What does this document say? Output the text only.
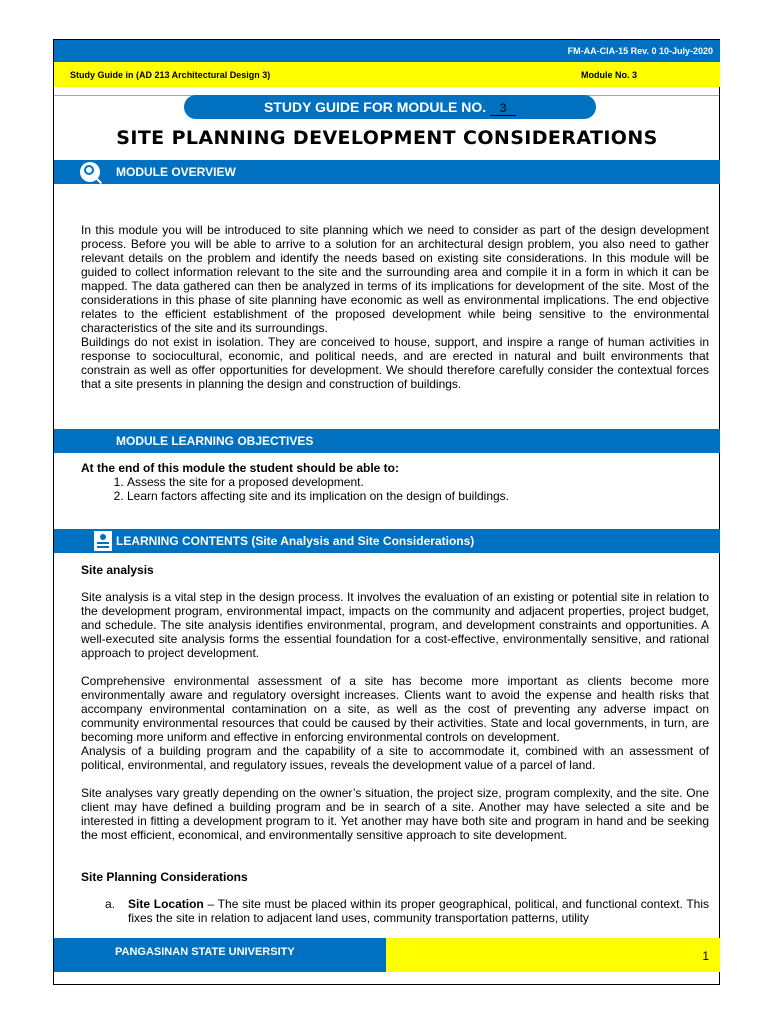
FM-AA-CIA-15 Rev. 0 10-July-2020
Study Guide in (AD 213 Architectural Design 3)	Module No. 3
STUDY GUIDE FOR MODULE NO. 3
SITE PLANNING DEVELOPMENT CONSIDERATIONS
MODULE OVERVIEW

In this module you will be introduced to site planning which we need to consider as part of the design development process. Before you will be able to arrive to a solution for an architectural design problem, you also need to gather relevant details on the problem and identify the needs based on existing site considerations. In this module will be guided to collect information relevant to the site and the surrounding area and compile it in a form in which it can be mapped. The data gathered can then be analyzed in terms of its implications for development of the site. Most of the considerations in this phase of site planning have economic as well as environmental implications. The end objective relates to the efficient establishment of the proposed development while being sensitive to the environmental characteristics of the site and its surroundings.

Buildings do not exist in isolation. They are conceived to house, support, and inspire a range of human activities in response to sociocultural, economic, and political needs, and are erected in natural and built environments that constrain as well as offer opportunities for development. We should therefore carefully consider the contextual forces that a site presents in planning the design and construction of buildings.

MODULE LEARNING OBJECTIVES
At the end of this module the student should be able to:
1. Assess the site for a proposed development.
2. Learn factors affecting site and its implication on the design of buildings.
LEARNING CONTENTS (Site Analysis and Site Considerations)
Site analysis

Site analysis is a vital step in the design process. It involves the evaluation of an existing or potential site in relation to the development program, environmental impact, impacts on the community and adjacent properties, project budget, and schedule. The site analysis identifies environmental, program, and development constraints and opportunities. A well-executed site analysis forms the essential foundation for a cost-effective, environmentally sensitive, and rational approach to project development.

Comprehensive environmental assessment of a site has become more important as clients become more environmentally aware and regulatory oversight increases. Clients want to avoid the expense and health risks that accompany environmental contamination on a site, as well as the cost of preventing any adverse impact on community environmental resources that could be caused by their activities. State and local governments, in turn, are becoming more uniform and effective in enforcing environmental controls on development.

Analysis of a building program and the capability of a site to accommodate it, combined with an assessment of political, environmental, and regulatory issues, reveals the development value of a parcel of land.

Site analyses vary greatly depending on the owner’s situation, the project size, program complexity, and the site. One client may have defined a building program and be in search of a site. Another may have selected a site and be interested in fitting a development program to it. Yet another may have both site and program in hand and be seeking the most efficient, economical, and environmentally sensitive approach to site development.

Site Planning Considerations
a. Site Location – The site must be placed within its proper geographical, political, and functional context. This fixes the site in relation to adjacent land uses, community transportation patterns, utility
PANGASINAN STATE UNIVERSITY	1
